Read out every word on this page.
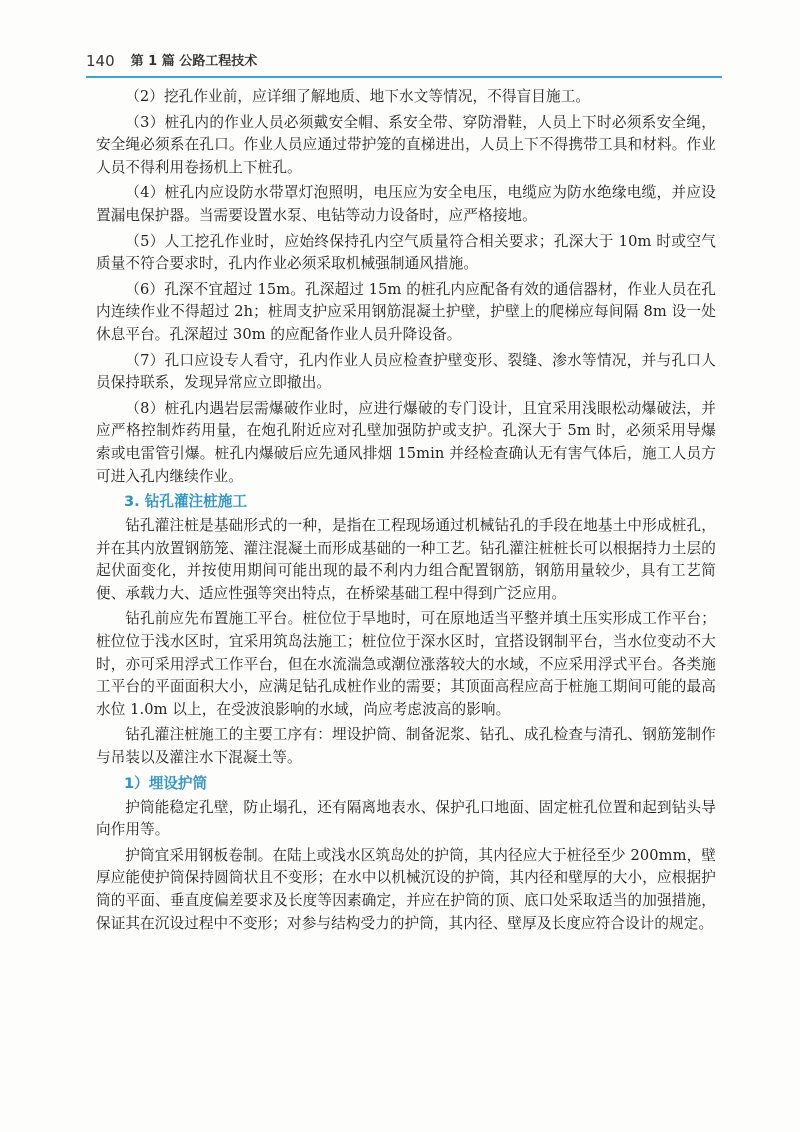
140 第 1 篇 公路工程技术

（2）挖孔作业前，应详细了解地质、地下水文等情况，不得盲目施工。

（3）桩孔内的作业人员必须戴安全帽、系安全带、穿防滑鞋，人员上下时必须系安全绳，安全绳必须系在孔口。作业人员应通过带护笼的直梯进出，人员上下不得携带工具和材料。作业人员不得利用卷扬机上下桩孔。

（4）桩孔内应设防水带罩灯泡照明，电压应为安全电压，电缆应为防水绝缘电缆，并应设置漏电保护器。当需要设置水泵、电钻等动力设备时，应严格接地。

（5）人工挖孔作业时，应始终保持孔内空气质量符合相关要求；孔深大于 10m 时或空气质量不符合要求时，孔内作业必须采取机械强制通风措施。

（6）孔深不宜超过 15m。孔深超过 15m 的桩孔内应配备有效的通信器材，作业人员在孔内连续作业不得超过 2h；桩周支护应采用钢筋混凝土护壁，护壁上的爬梯应每间隔 8m 设一处休息平台。孔深超过 30m 的应配备作业人员升降设备。

（7）孔口应设专人看守，孔内作业人员应检查护壁变形、裂缝、渗水等情况，并与孔口人员保持联系，发现异常应立即撤出。

（8）桩孔内遇岩层需爆破作业时，应进行爆破的专门设计，且宜采用浅眼松动爆破法，并应严格控制炸药用量，在炮孔附近应对孔壁加强防护或支护。孔深大于 5m 时，必须采用导爆索或电雷管引爆。桩孔内爆破后应先通风排烟 15min 并经检查确认无有害气体后，施工人员方可进入孔内继续作业。

3. 钻孔灌注桩施工

钻孔灌注桩是基础形式的一种，是指在工程现场通过机械钻孔的手段在地基土中形成桩孔，并在其内放置钢筋笼、灌注混凝土而形成基础的一种工艺。钻孔灌注桩桩长可以根据持力土层的起伏面变化，并按使用期间可能出现的最不利内力组合配置钢筋，钢筋用量较少，具有工艺简便、承载力大、适应性强等突出特点，在桥梁基础工程中得到广泛应用。

钻孔前应先布置施工平台。桩位位于旱地时，可在原地适当平整并填土压实形成工作平台；桩位位于浅水区时，宜采用筑岛法施工；桩位位于深水区时，宜搭设钢制平台，当水位变动不大时，亦可采用浮式工作平台，但在水流湍急或潮位涨落较大的水域，不应采用浮式平台。各类施工平台的平面面积大小，应满足钻孔成桩作业的需要；其顶面高程应高于桩施工期间可能的最高水位 1.0m 以上，在受波浪影响的水域，尚应考虑波高的影响。

钻孔灌注桩施工的主要工序有：埋设护筒、制备泥浆、钻孔、成孔检查与清孔、钢筋笼制作与吊装以及灌注水下混凝土等。

1）埋设护筒

护筒能稳定孔壁，防止塌孔，还有隔离地表水、保护孔口地面、固定桩孔位置和起到钻头导向作用等。

护筒宜采用钢板卷制。在陆上或浅水区筑岛处的护筒，其内径应大于桩径至少 200mm，壁厚应能使护筒保持圆筒状且不变形；在水中以机械沉设的护筒，其内径和壁厚的大小，应根据护筒的平面、垂直度偏差要求及长度等因素确定，并应在护筒的顶、底口处采取适当的加强措施，保证其在沉设过程中不变形；对参与结构受力的护筒，其内径、壁厚及长度应符合设计的规定。
